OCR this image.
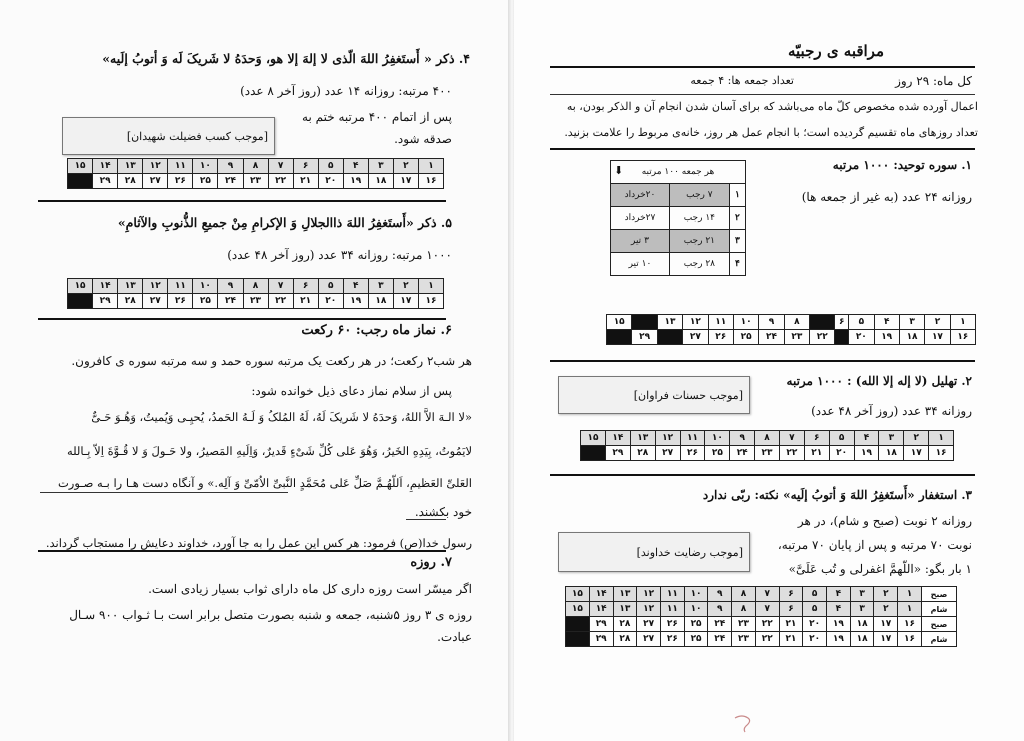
۴. ذکر « أَستَغفِرُ اللهَ الّذی لا إلهَ إلا هو، وَحدَهُ لا شَریکَ لَه وَ أتوبُ إلَیه»
۴۰۰ مرتبه: روزانه ۱۴ عدد (روز آخر ۸ عدد)
پس از اتمام ۴۰۰ مرتبه ختم به
صدقه شود.
[موجب کسب فضیلت شهیدان]
۱	۲	۳	۴	۵	۶	۷	۸	۹	۱۰	۱۱	۱۲	۱۳	۱۴	۱۵
۱۶	۱۷	۱۸	۱۹	۲۰	۲۱	۲۲	۲۳	۲۴	۲۵	۲۶	۲۷	۲۸	۲۹	
۵. ذکر «أَستَغفِرُ اللهَ ذاالجلالِ وَ الإکرامِ مِنْ جمیعِ الذُّنوبِ والآثامِ»
۱۰۰۰ مرتبه: روزانه ۳۴ عدد (روز آخر ۴۸ عدد)
۱	۲	۳	۴	۵	۶	۷	۸	۹	۱۰	۱۱	۱۲	۱۳	۱۴	۱۵
۱۶	۱۷	۱۸	۱۹	۲۰	۲۱	۲۲	۲۳	۲۴	۲۵	۲۶	۲۷	۲۸	۲۹	
۶. نماز ماه رجب: ۶۰ رکعت
هر شب۲ رکعت؛ در هر رکعت یک مرتبه سوره حمد و سه مرتبه سوره ی کافرون.
پس از سلام نماز دعای ذیل خوانده شود:
«لا الـهَ الاَّ اللهُ، وَحدَهُ لا شَریکَ لَهُ، لَهُ المُلکُ وَ لَـهُ الحَمدُ، یُحیِـی وَیُمیتُ، وَهُـوَ حَـیٌّ
لایَمُوتُ، بِیَدِهِ الخَیرُ، وَهُوَ عَلی کُلِّ شَیْءٍ قَدیرٌ، وَاِلَیهِ المَصیرُ، ولا حَـولَ وَ لا قُـوَّةَ اِلاّ بِـالله
العَلیِّ العَظیمِ، اَللّهُـمَّ صَلِّ عَلی مُحَمَّدٍ النَّبیِّ الاُمّیِّ وَ آلِه.» و آنگاه دست هـا را بـه صـورت
خود بکشند.
رسول خدا(ص) فرمود: هر کس این عمل را به جا آورد، خداوند دعایش را مستجاب گرداند.
۷. روزه
اگر میسّر است روزه داری کل ماه دارای ثواب بسیار زیادی است.
روزه ی ۳ روز ۵شنبه، جمعه و شنبه بصورت متصل برابر است بـا ثـواب ۹۰۰ سـال
عبادت.
مراقبه ی رجبیّه
کل ماه: ۲۹ روز
تعداد جمعه ها: ۴ جمعه
اعمال آورده شده مخصوص کلّ ماه می‌باشد که برای آسان شدن انجام آن و الذکر بودن، به
تعداد روزهای ماه تقسیم گردیده است؛ با انجام عمل هر روز، خانه‌ی مربوط را علامت بزنید.
۱. سوره توحید: ۱۰۰۰ مرتبه
روزانه ۲۴ عدد (به غیر از جمعه ها)
هر جمعه ۱۰۰ مرتبه
⬇		

۱	۷ رجب	۲۰خرداد
۲	۱۴ رجب	۲۷خرداد
۳	۲۱ رجب	۳ تیر
۴	۲۸ رجب	۱۰ تیر
۱	۲	۳	۴	۵	۶		۸	۹	۱۰	۱۱	۱۲	۱۳		۱۵
۱۶	۱۷	۱۸	۱۹	۲۰		۲۲	۲۳	۲۴	۲۵	۲۶	۲۷		۲۹	
۲. تهلیل (لا إله إلا الله) : ۱۰۰۰ مرتبه
روزانه ۳۴ عدد (روز آخر ۴۸ عدد)
[موجب حسنات فراوان]
۱	۲	۳	۴	۵	۶	۷	۸	۹	۱۰	۱۱	۱۲	۱۳	۱۴	۱۵
۱۶	۱۷	۱۸	۱۹	۲۰	۲۱	۲۲	۲۳	۲۴	۲۵	۲۶	۲۷	۲۸	۲۹	
۳. استغفار «أَستَغفِرُ اللهَ وَ أتوبُ إلَیه» نکته: ربّی ندارد
روزانه ۲ نوبت (صبح و شام)، در هر
نوبت ۷۰ مرتبه و پس از پایان ۷۰ مرتبه،
۱ بار بگو: «اللّهمَّ اغفرلی و تُب عَلَیَّ»
[موجب رضایت خداوند]
صبح	۱	۲	۳	۴	۵	۶	۷	۸	۹	۱۰	۱۱	۱۲	۱۳	۱۴	۱۵
شام	۱	۲	۳	۴	۵	۶	۷	۸	۹	۱۰	۱۱	۱۲	۱۳	۱۴	۱۵
صبح	۱۶	۱۷	۱۸	۱۹	۲۰	۲۱	۲۲	۲۳	۲۴	۲۵	۲۶	۲۷	۲۸	۲۹	
شام	۱۶	۱۷	۱۸	۱۹	۲۰	۲۱	۲۲	۲۳	۲۴	۲۵	۲۶	۲۷	۲۸	۲۹	
